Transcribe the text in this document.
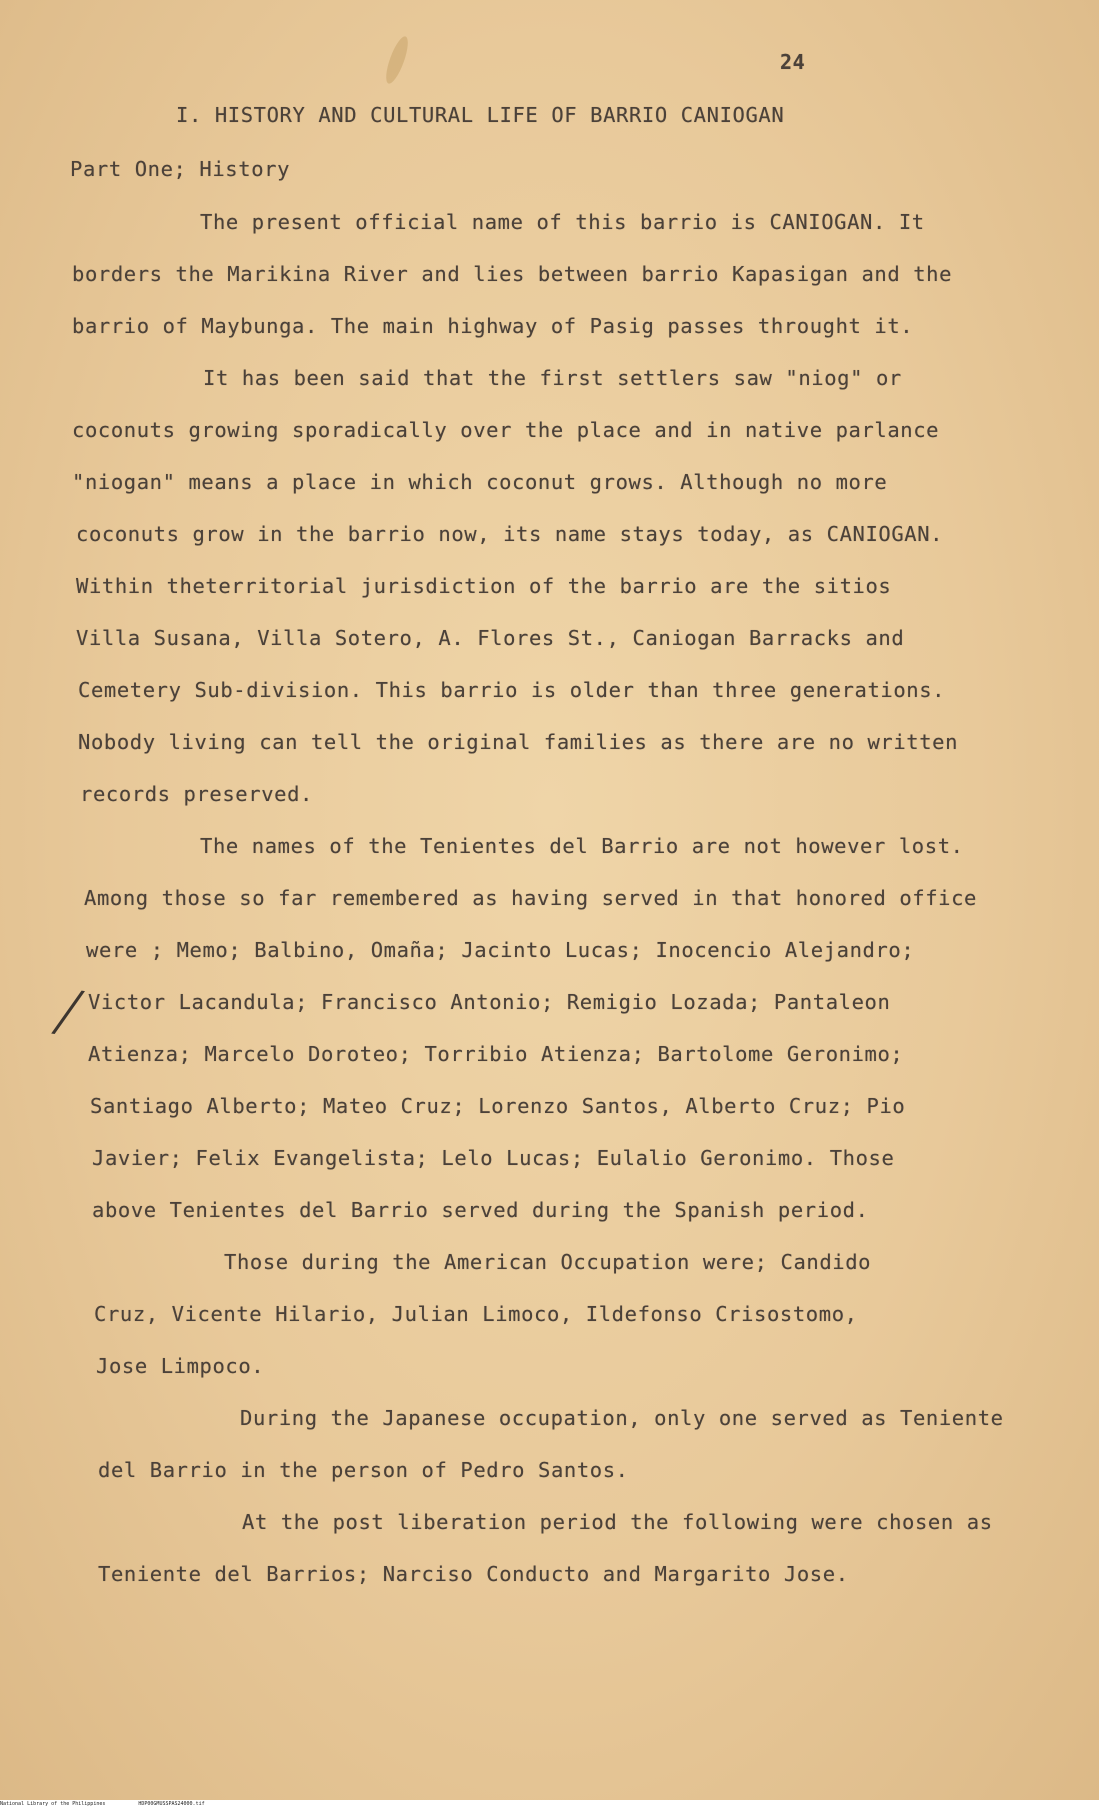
24
I. HISTORY AND CULTURAL LIFE OF BARRIO CANIOGAN
Part One; History
The present official name of this barrio is CANIOGAN. It
borders the Marikina River and lies between barrio Kapasigan and the
barrio of Maybunga. The main highway of Pasig passes throught it.
It has been said that the first settlers saw "niog" or
coconuts growing sporadically over the place and in native parlance
"niogan" means a place in which coconut grows. Although no more
coconuts grow in the barrio now, its name stays today, as CANIOGAN.
Within theterritorial jurisdiction of the barrio are the sitios
Villa Susana, Villa Sotero, A. Flores St., Caniogan Barracks and
Cemetery Sub-division. This barrio is older than three generations.
Nobody living can tell the original families as there are no written
records preserved.
The names of the Tenientes del Barrio are not however lost.
Among those so far remembered as having served in that honored office
were ; Memo; Balbino, Omaña; Jacinto Lucas; Inocencio Alejandro;
╱ Victor Lacandula; Francisco Antonio; Remigio Lozada; Pantaleon
Atienza; Marcelo Doroteo; Torribio Atienza; Bartolome Geronimo;
Santiago Alberto; Mateo Cruz; Lorenzo Santos, Alberto Cruz; Pio
Javier; Felix Evangelista; Lelo Lucas; Eulalio Geronimo. Those
above Tenientes del Barrio served during the Spanish period.
Those during the American Occupation were; Candido
Cruz, Vicente Hilario, Julian Limoco, Ildefonso Crisostomo,
Jose Limpoco.
During the Japanese occupation, only one served as Teniente
del Barrio in the person of Pedro Santos.
At the post liberation period the following were chosen as
Teniente del Barrios; Narciso Conducto and Margarito Jose.
National Library of the Philippines	HDP00GMUSSPAS24000.tif
